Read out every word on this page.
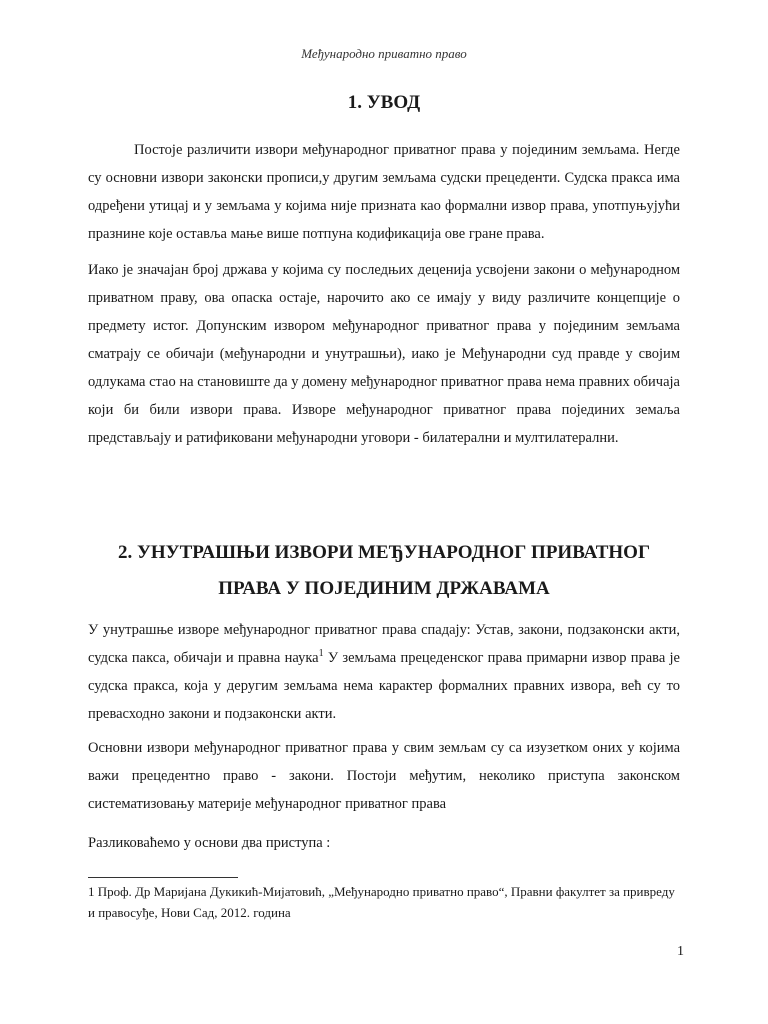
Међународно приватно право
1. УВОД

Постоје различити извори међународног приватног права у појединим земљама. Негде су основни извори законски прописи,у другим земљама судски прецеденти. Судска пракса има одређени утицај и у земљама у којима није призната као формални извор права, употпуњујући празнине које оставља мање више потпуна кодификација ове гране права.

Иако је значајан број држава у којима су последњих деценија усвојени закони о међународном приватном праву, ова опаска остаје, нарочито ако се имају у виду различите концепције о предмету истог. Допунским извором међународног приватног права у појединим земљама сматрају се обичаји (међународни и унутрашњи), иако је Међународни суд правде у својим одлукама стао на становиште да у домену међународног приватног права нема правних обичаја који би били извори права. Изворе међународног приватног права појединих земаља представљају и ратификовани међународни уговори - билатерални и мултилатерални.

2. УНУТРАШЊИ ИЗВОРИ МЕЂУНАРОДНОГ ПРИВАТНОГ ПРАВА У ПОЈЕДИНИМ ДРЖАВАМА

У унутрашње изворе међународног приватног права спадају: Устав, закони, подзаконски акти, судска пакса, обичаји и правна наука$^1$ У земљама прецеденског права примарни извор права је судска пракса, која у деругим земљама нема карактер формалних правних извора, већ су то превасходно закони и подзаконски акти.

Основни извори међународног приватног права у свим земљам су са изузетком оних у којима важи прецедентно право - закони. Постоји међутим, неколико приступа законском систематизовању материје међународног приватног права

Разликоваћемо у основи два приступа :

1 Проф. Др Маријана Дукикић-Мијатовић, „Међународно приватно право“, Правни факултет за привреду и правосуђе, Нови Сад, 2012. година

1
